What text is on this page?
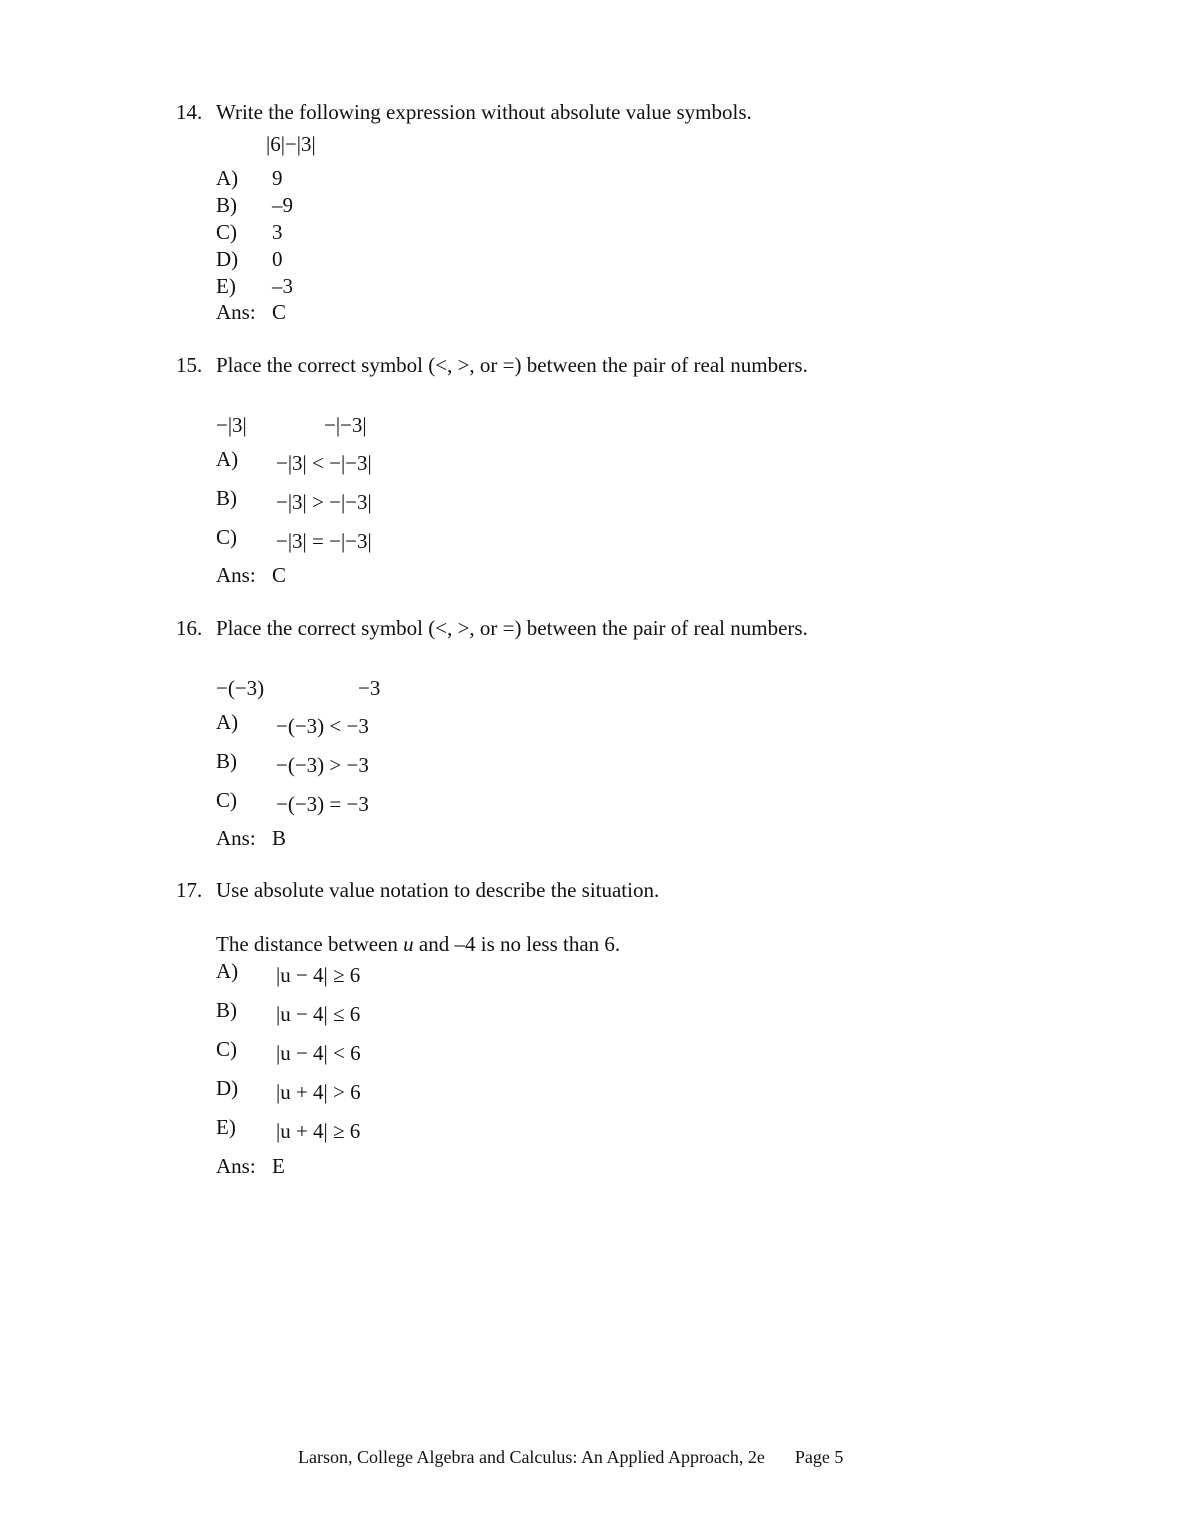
14. Write the following expression without absolute value symbols.
|6|−|3|
A) 9
B) –9
C) 3
D) 0
E) –3
Ans: C
15. Place the correct symbol (<, >, or =) between the pair of real numbers.
−|3|	−|−3|
A) −|3| < −|−3|
B) −|3| > −|−3|
C) −|3| = −|−3|
Ans: C
16. Place the correct symbol (<, >, or =) between the pair of real numbers.
−(−3)	−3
A) −(−3) < −3
B) −(−3) > −3
C) −(−3) = −3
Ans: B
17. Use absolute value notation to describe the situation.
The distance between u and –4 is no less than 6.
A) |u − 4| ≥ 6
B) |u − 4| ≤ 6
C) |u − 4| < 6
D) |u + 4| > 6
E) |u + 4| ≥ 6
Ans: E
Larson, College Algebra and Calculus: An Applied Approach, 2e Page 5
